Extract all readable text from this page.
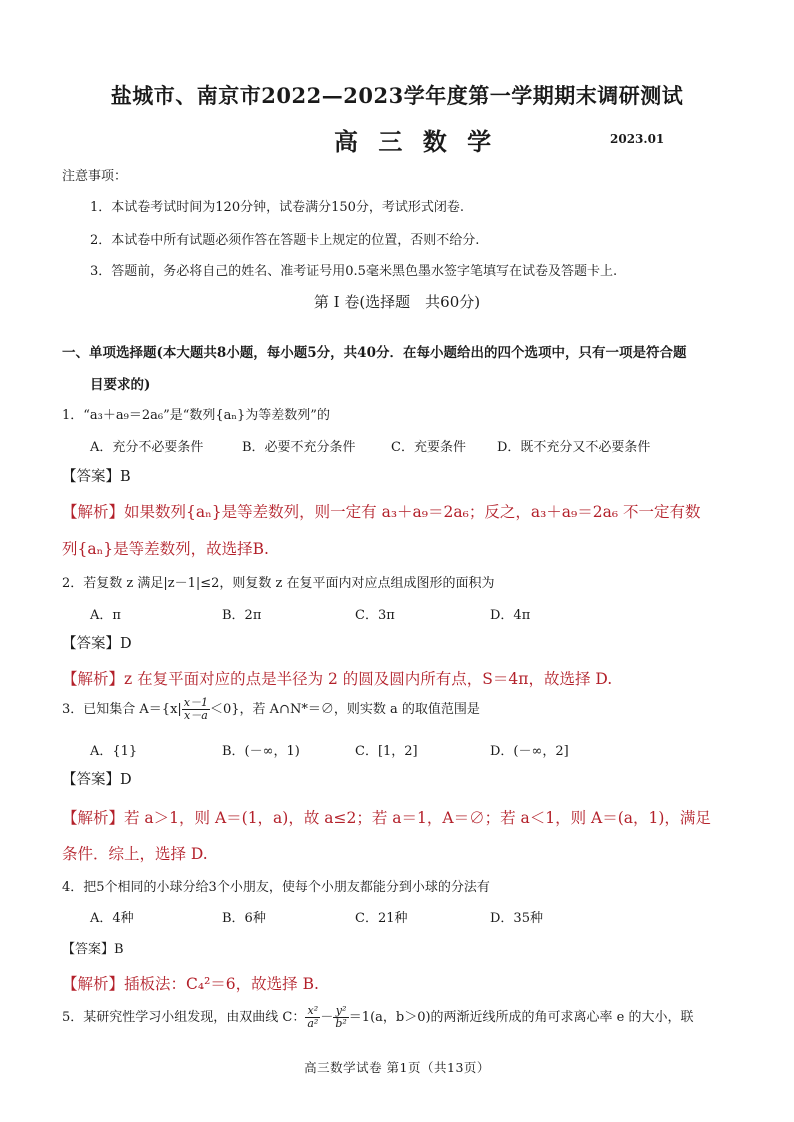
盐城市、南京市2022—2023学年度第一学期期末调研测试
高 三 数 学	2023.01
注意事项：
1．本试卷考试时间为120分钟，试卷满分150分，考试形式闭卷.
2．本试卷中所有试题必须作答在答题卡上规定的位置，否则不给分.
3．答题前，务必将自己的姓名、准考证号用0.5毫米黑色墨水签字笔填写在试卷及答题卡上.
第 I 卷(选择题　共60分)
一、单项选择题(本大题共8小题，每小题5分，共40分．在每小题给出的四个选项中，只有一项是符合题
目要求的)
1．“a₃＋a₉＝2a₆”是“数列{aₙ}为等差数列”的
A．充分不必要条件	B．必要不充分条件	C．充要条件 D．既不充分又不必要条件
【答案】B
【解析】如果数列{aₙ}是等差数列，则一定有 a₃＋a₉＝2a₆；反之，a₃＋a₉＝2a₆ 不一定有数
列{aₙ}是等差数列，故选择B.
2．若复数 z 满足|z－1|≤2，则复数 z 在复平面内对应点组成图形的面积为
A．π	B．2π	C．3π	D．4π
【答案】D
【解析】z 在复平面对应的点是半径为 2 的圆及圆内所有点，S＝4π，故选择 D.
3．已知集合 $A=\{x| \frac{x-1}{x-a} <0\}$，若 A∩N*＝∅，则实数 a 的取值范围是
A．{1}	B．(－∞，1)	C．[1，2]	D．(－∞，2]
【答案】D
【解析】若 a＞1，则 A＝(1，a)，故 a≤2；若 a＝1，A＝∅；若 a＜1，则 A＝(a，1)，满足
条件．综上，选择 D.
4．把5个相同的小球分给3个小朋友，使每个小朋友都能分到小球的分法有
A．4种	B．6种	C．21种	D．35种
【答案】B
【解析】插板法：C₄²＝6，故选择 B.
5．某研究性学习小组发现，由双曲线 C： $\frac{\text{x²}}{\text{a²}} - \frac{\text{y²}}{\text{b²}} =1(a$，b＞0)的两渐近线所成的角可求离心率 e 的大小，联
高三数学试卷 第1页（共13页）
